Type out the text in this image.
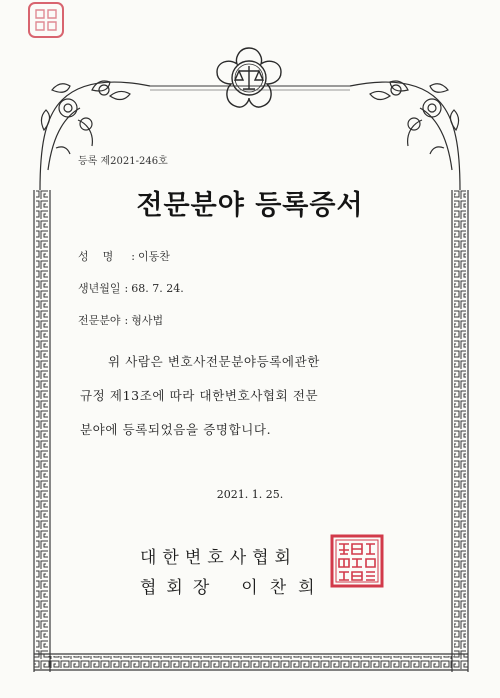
등록 제2021-246호
전문분야 등록증서
성명 : 이동찬
생년월일 : 68. 7. 24.
전문분야 : 형사법
위 사람은 변호사전문분야등록에관한
규정 제13조에 따라 대한변호사협회 전문
분야에 등록되었음을 증명합니다.
2021. 1. 25.
대한변호사협회
협회장 이찬희
